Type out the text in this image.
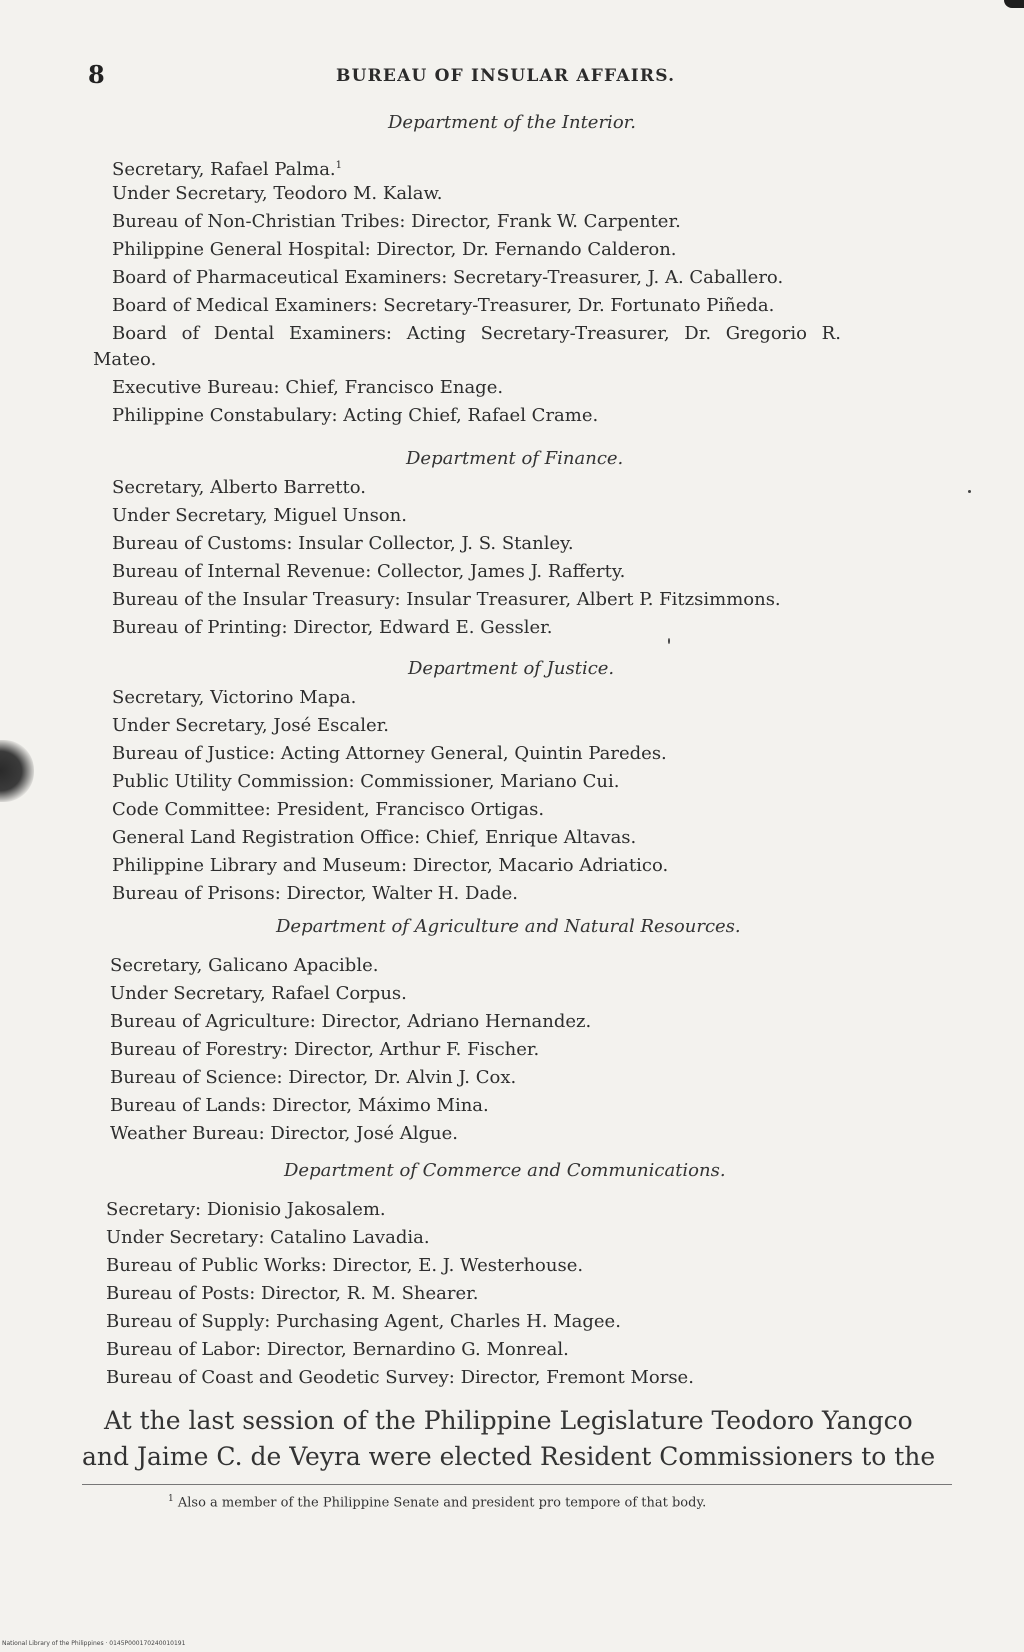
8	BUREAU OF INSULAR AFFAIRS.
Department of the Interior.
Secretary, Rafael Palma.$^1$
Under Secretary, Teodoro M. Kalaw.
Bureau of Non-Christian Tribes: Director, Frank W. Carpenter.
Philippine General Hospital: Director, Dr. Fernando Calderon.
Board of Pharmaceutical Examiners: Secretary-Treasurer, J. A. Caballero.
Board of Medical Examiners: Secretary-Treasurer, Dr. Fortunato Piñeda.
Board of Dental Examiners: Acting Secretary-Treasurer, Dr. Gregorio R.
Mateo.
Executive Bureau: Chief, Francisco Enage.
Philippine Constabulary: Acting Chief, Rafael Crame.
Department of Finance.
Secretary, Alberto Barretto.
Under Secretary, Miguel Unson.
Bureau of Customs: Insular Collector, J. S. Stanley.
Bureau of Internal Revenue: Collector, James J. Rafferty.
Bureau of the Insular Treasury: Insular Treasurer, Albert P. Fitzsimmons.
Bureau of Printing: Director, Edward E. Gessler.
Department of Justice.
Secretary, Victorino Mapa.
Under Secretary, José Escaler.
Bureau of Justice: Acting Attorney General, Quintin Paredes.
Public Utility Commission: Commissioner, Mariano Cui.
Code Committee: President, Francisco Ortigas.
General Land Registration Office: Chief, Enrique Altavas.
Philippine Library and Museum: Director, Macario Adriatico.
Bureau of Prisons: Director, Walter H. Dade.
Department of Agriculture and Natural Resources.
Secretary, Galicano Apacible.
Under Secretary, Rafael Corpus.
Bureau of Agriculture: Director, Adriano Hernandez.
Bureau of Forestry: Director, Arthur F. Fischer.
Bureau of Science: Director, Dr. Alvin J. Cox.
Bureau of Lands: Director, Máximo Mina.
Weather Bureau: Director, José Algue.
Department of Commerce and Communications.
Secretary: Dionisio Jakosalem.
Under Secretary: Catalino Lavadia.
Bureau of Public Works: Director, E. J. Westerhouse.
Bureau of Posts: Director, R. M. Shearer.
Bureau of Supply: Purchasing Agent, Charles H. Magee.
Bureau of Labor: Director, Bernardino G. Monreal.
Bureau of Coast and Geodetic Survey: Director, Fremont Morse.
At the last session of the Philippine Legislature Teodoro Yangco
and Jaime C. de Veyra were elected Resident Commissioners to the
$^1$ Also a member of the Philippine Senate and president pro tempore of that body.
National Library of the Philippines · 0145P000170240010191
